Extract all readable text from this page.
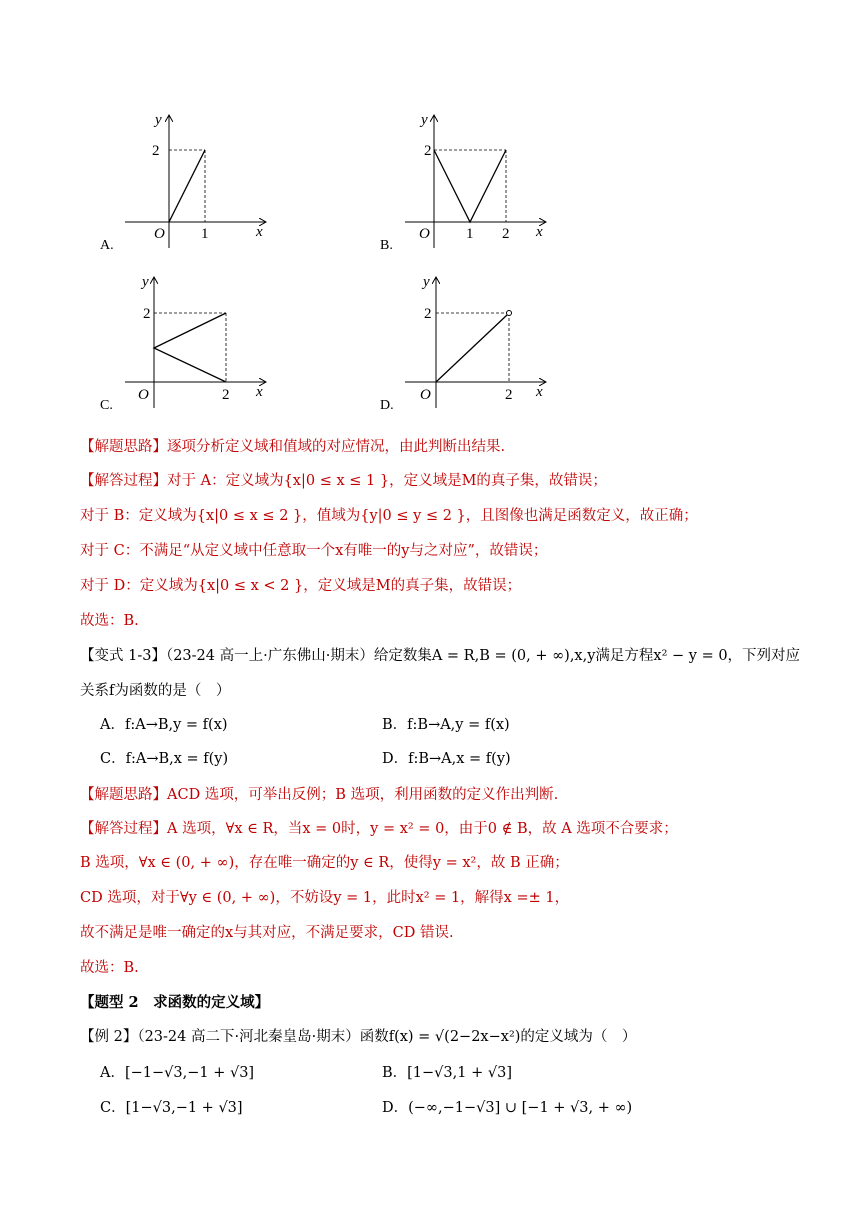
y
x
O
2
1
A.
y
x
O
2
1 2
B.
y
x
O
2
2
C.
y
x
O
2
2
D.
【解题思路】逐项分析定义域和值域的对应情况，由此判断出结果.
【解答过程】对于 A：定义域为{x|0 ≤ x ≤ 1 }，定义域是M的真子集，故错误；
对于 B：定义域为{x|0 ≤ x ≤ 2 }，值域为{y|0 ≤ y ≤ 2 }，且图像也满足函数定义，故正确；
对于 C：不满足“从定义域中任意取一个x有唯一的y与之对应”，故错误；
对于 D：定义域为{x|0 ≤ x < 2 }，定义域是M的真子集，故错误；
故选：B.
【变式 1-3】（23-24 高一上·广东佛山·期末）给定数集A = R,B = (0, + ∞),x,y满足方程x² − y = 0，下列对应
关系f为函数的是（　）
A．f:A→B,y = f(x)	B．f:B→A,y = f(x)
C．f:A→B,x = f(y)	D．f:B→A,x = f(y)
【解题思路】ACD 选项，可举出反例；B 选项，利用函数的定义作出判断.
【解答过程】A 选项，∀x ∈ R，当x = 0时，y = x² = 0，由于0 ∉ B，故 A 选项不合要求；
B 选项，∀x ∈ (0, + ∞)，存在唯一确定的y ∈ R，使得y = x²，故 B 正确；
CD 选项，对于∀y ∈ (0, + ∞)，不妨设y = 1，此时x² = 1，解得x =± 1，
故不满足是唯一确定的x与其对应，不满足要求，CD 错误.
故选：B.
【题型 2　求函数的定义域】
【例 2】（23-24 高二下·河北秦皇岛·期末）函数f(x) = √(2−2x−x²)的定义域为（　）
A．[−1−√3,−1 + √3]	B．[1−√3,1 + √3]
C．[1−√3,−1 + √3]	D．(−∞,−1−√3] ∪ [−1 + √3, + ∞)
